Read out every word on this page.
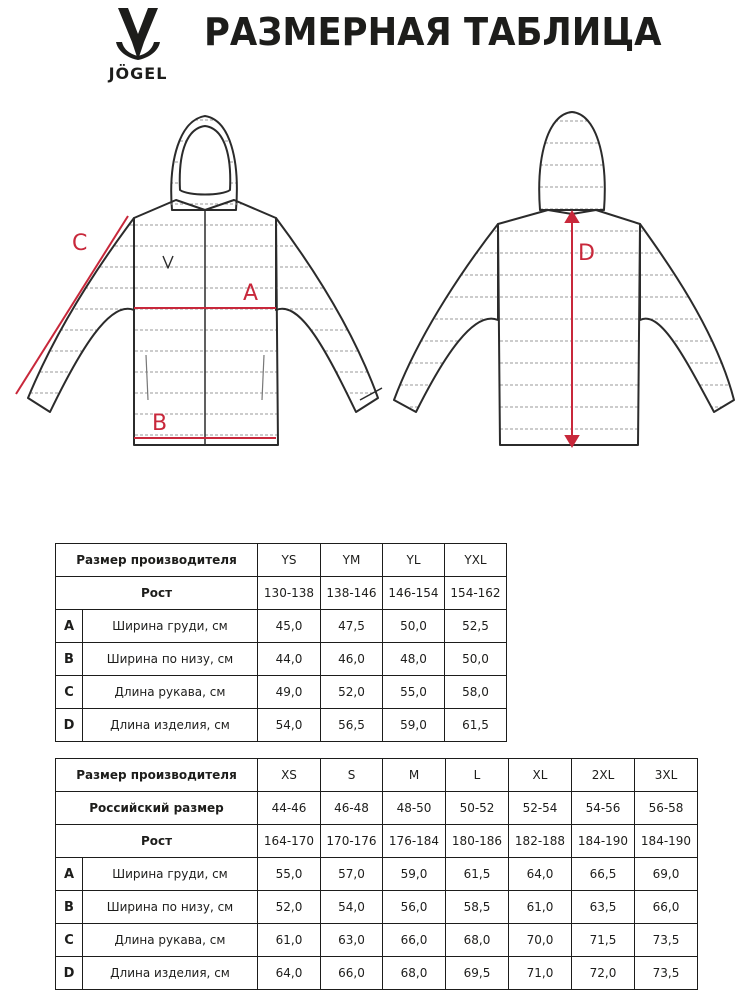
JÖGEL
РАЗМЕРНАЯ ТАБЛИЦА
A
B
C	D
Размер производителя		YS	YM	YL	YXL
Рост		130-138	138-146	146-154	154-162
A	Ширина груди, см	45,0	47,5	50,0	52,5
B	Ширина по низу, см	44,0	46,0	48,0	50,0
C	Длина рукава, см	49,0	52,0	55,0	58,0
D	Длина изделия, см	54,0	56,5	59,0	61,5
Размер производителя		XS	S	M	L	XL	2XL	3XL
Российский размер		44-46	46-48	48-50	50-52	52-54	54-56	56-58
Рост		164-170	170-176	176-184	180-186	182-188	184-190	184-190
A	Ширина груди, см	55,0	57,0	59,0	61,5	64,0	66,5	69,0
B	Ширина по низу, см	52,0	54,0	56,0	58,5	61,0	63,5	66,0
C	Длина рукава, см	61,0	63,0	66,0	68,0	70,0	71,5	73,5
D	Длина изделия, см	64,0	66,0	68,0	69,5	71,0	72,0	73,5
